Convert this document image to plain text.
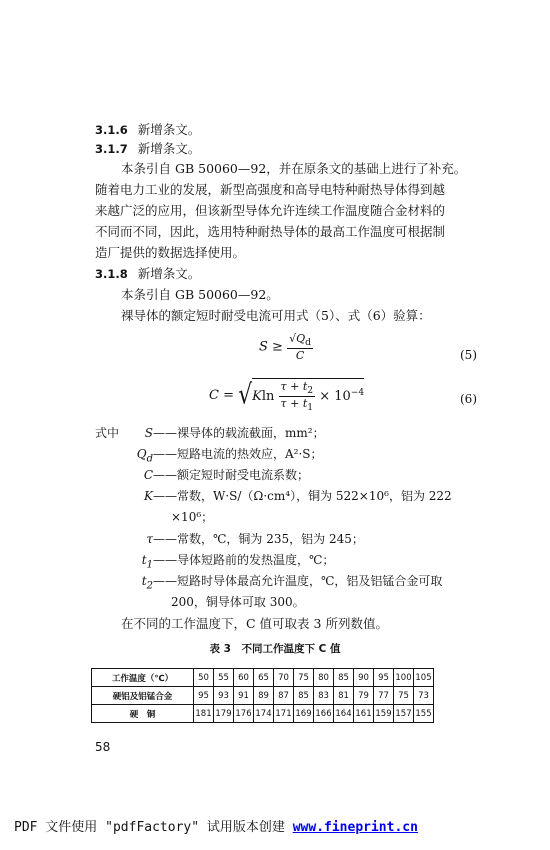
3.1.6 新增条文。
3.1.7 新增条文。
本条引自 GB 50060—92，并在原条文的基础上进行了补充。
随着电力工业的发展，新型高强度和高导电特种耐热导体得到越
来越广泛的应用，但该新型导体允许连续工作温度随合金材料的
不同而不同，因此，选用特种耐热导体的最高工作温度可根据制
造厂提供的数据选择使用。
3.1.8 新增条文。
本条引自 GB 50060—92。
裸导体的额定短时耐受电流可用式（5）、式（6）验算：
$S \ge \frac{√Q_d}{C}$	(5)
$C = √Kln \frac{\tau + t_2}{\tau + t_1} \times 10^{-4}$	(6)
式中	S——裸导体的载流截面，mm²；
$Q_d——$短路电流的热效应，A²·S；
C——额定短时耐受电流系数；
K——常数，W·S/（Ω·cm⁴），铜为 522×10⁶，铝为 222
×10⁶；
τ——常数，℃，铜为 235，铝为 245；
$t_1——$导体短路前的发热温度，℃；
$t_2——$短路时导体最高允许温度，℃，铝及铝锰合金可取
200，铜导体可取 300。
在不同的工作温度下，C 值可取表 3 所列数值。
表 3　不同工作温度下 C 值
工作温度（℃）	50	55	60	65	70	75	80	85	90	95	100	105
硬铝及铝锰合金	95	93	91	89	87	85	83	81	79	77	75	73
硬　铜	181	179	176	174	171	169	166	164	161	159	157	155
58
PDF 文件使用 "pdfFactory" 试用版本创建 www.fineprint.cn
